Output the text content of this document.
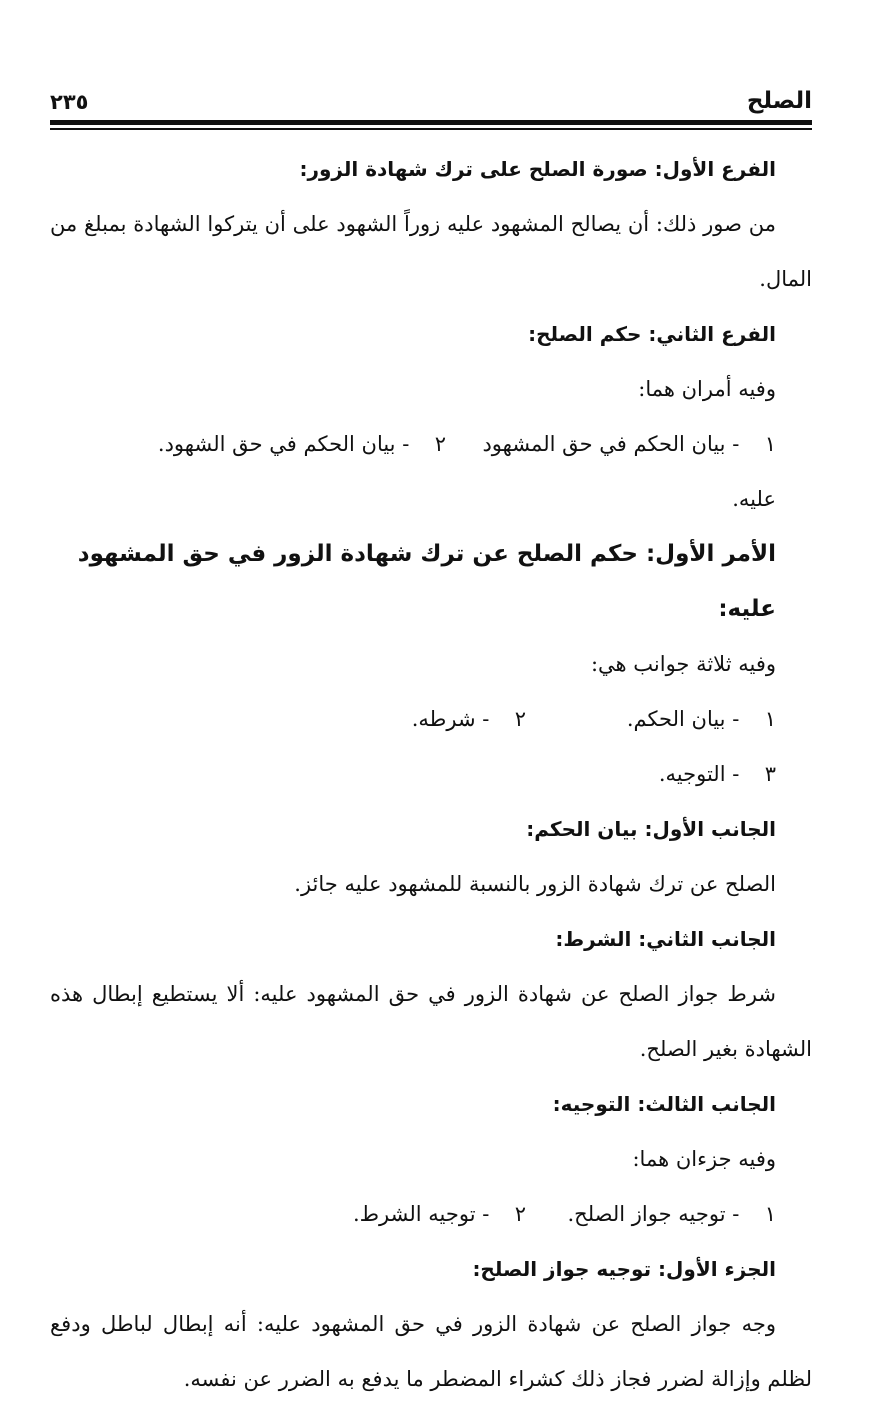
الصلح
٢٣٥

الفرع الأول: صورة الصلح على ترك شهادة الزور:

من صور ذلك: أن يصالح المشهود عليه زوراً الشهود على أن يتركوا الشهادة بمبلغ من المال.

الفرع الثاني: حكم الصلح:

وفيه أمران هما:

١ - بيان الحكم في حق المشهود عليه.
٢ - بيان الحكم في حق الشهود.

الأمر الأول: حكم الصلح عن ترك شهادة الزور في حق المشهود عليه:

وفيه ثلاثة جوانب هي:

١ - بيان الحكم.
٢ - شرطه.
٣ - التوجيه.

الجانب الأول: بيان الحكم:

الصلح عن ترك شهادة الزور بالنسبة للمشهود عليه جائز.

الجانب الثاني: الشرط:

شرط جواز الصلح عن شهادة الزور في حق المشهود عليه: ألا يستطيع إبطال هذه الشهادة بغير الصلح.

الجانب الثالث: التوجيه:

وفيه جزءان هما:

١ - توجيه جواز الصلح.
٢ - توجيه الشرط.

الجزء الأول: توجيه جواز الصلح:

وجه جواز الصلح عن شهادة الزور في حق المشهود عليه: أنه إبطال لباطل ودفع لظلم وإزالة لضرر فجاز ذلك كشراء المضطر ما يدفع به الضرر عن نفسه.
